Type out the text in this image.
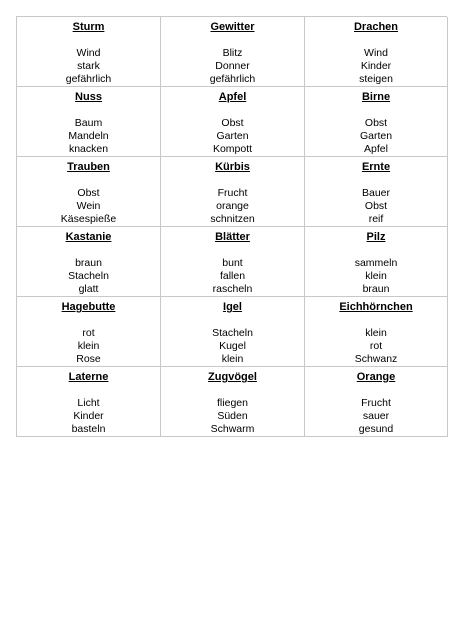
Sturm
Wind
stark
gefährlich
Gewitter
Blitz
Donner
gefährlich
Drachen
Wind
Kinder
steigen
Nuss
Baum
Mandeln
knacken
Apfel
Obst
Garten
Kompott
Birne
Obst
Garten
Apfel
Trauben
Obst
Wein
Käsespieße
Kürbis
Frucht
orange
schnitzen
Ernte
Bauer
Obst
reif
Kastanie
braun
Stacheln
glatt
Blätter
bunt
fallen
rascheln
Pilz
sammeln
klein
braun
Hagebutte
rot
klein
Rose
Igel
Stacheln
Kugel
klein
Eichhörnchen
klein
rot
Schwanz
Laterne
Licht
Kinder
basteln
Zugvögel
fliegen
Süden
Schwarm
Orange
Frucht
sauer
gesund
